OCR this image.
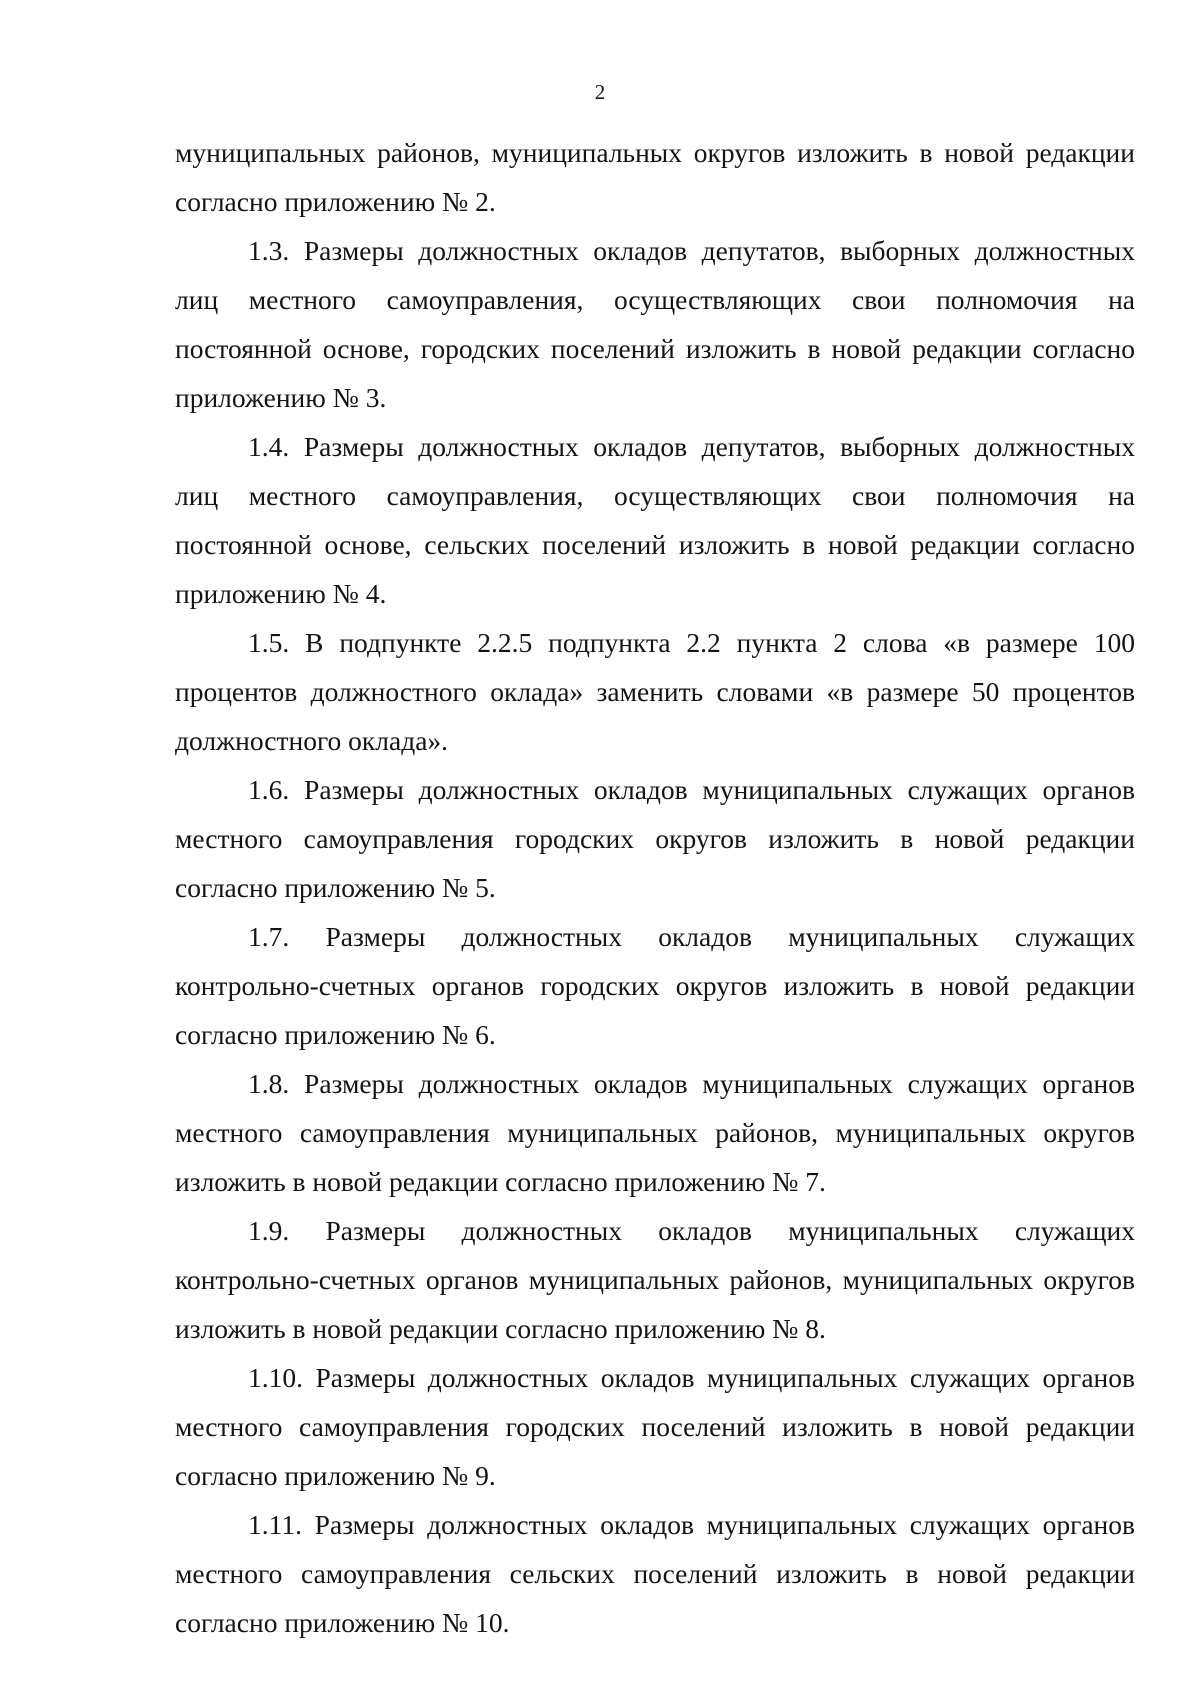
2

муниципальных районов, муниципальных округов изложить в новой редакции согласно приложению № 2.

1.3. Размеры должностных окладов депутатов, выборных должностных лиц местного самоуправления, осуществляющих свои полномочия на постоянной основе, городских поселений изложить в новой редакции согласно приложению № 3.

1.4. Размеры должностных окладов депутатов, выборных должностных лиц местного самоуправления, осуществляющих свои полномочия на постоянной основе, сельских поселений изложить в новой редакции согласно приложению № 4.

1.5. В подпункте 2.2.5 подпункта 2.2 пункта 2 слова «в размере 100 процентов должностного оклада» заменить словами «в размере 50 процентов должностного оклада».

1.6. Размеры должностных окладов муниципальных служащих органов местного самоуправления городских округов изложить в новой редакции согласно приложению № 5.

1.7. Размеры должностных окладов муниципальных служащих контрольно-счетных органов городских округов изложить в новой редакции согласно приложению № 6.

1.8. Размеры должностных окладов муниципальных служащих органов местного самоуправления муниципальных районов, муниципальных округов изложить в новой редакции согласно приложению № 7.

1.9. Размеры должностных окладов муниципальных служащих контрольно-счетных органов муниципальных районов, муниципальных округов изложить в новой редакции согласно приложению № 8.

1.10. Размеры должностных окладов муниципальных служащих органов местного самоуправления городских поселений изложить в новой редакции согласно приложению № 9.

1.11. Размеры должностных окладов муниципальных служащих органов местного самоуправления сельских поселений изложить в новой редакции согласно приложению № 10.
